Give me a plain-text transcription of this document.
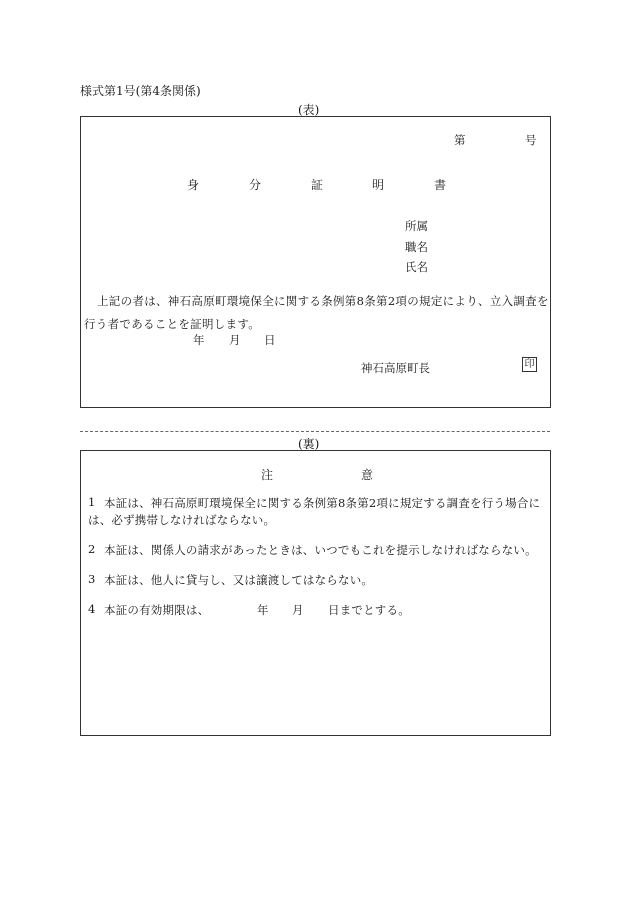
様式第1号(第4条関係)
(表)
第	号
身	分	証	明	書
所属
職名
氏名
上記の者は、神石高原町環境保全に関する条例第8条第2項の規定により、立入調査を
行う者であることを証明します。
年 月 日
神石高原町長	印
(裏)
注	意
1 本証は、神石高原町環境保全に関する条例第8条第2項に規定する調査を行う場合に
は、必ず携帯しなければならない。
2 本証は、関係人の請求があったときは、いつでもこれを提示しなければならない。
3 本証は、他人に貸与し、又は譲渡してはならない。
4 本証の有効期限は、	年 月 日までとする。
